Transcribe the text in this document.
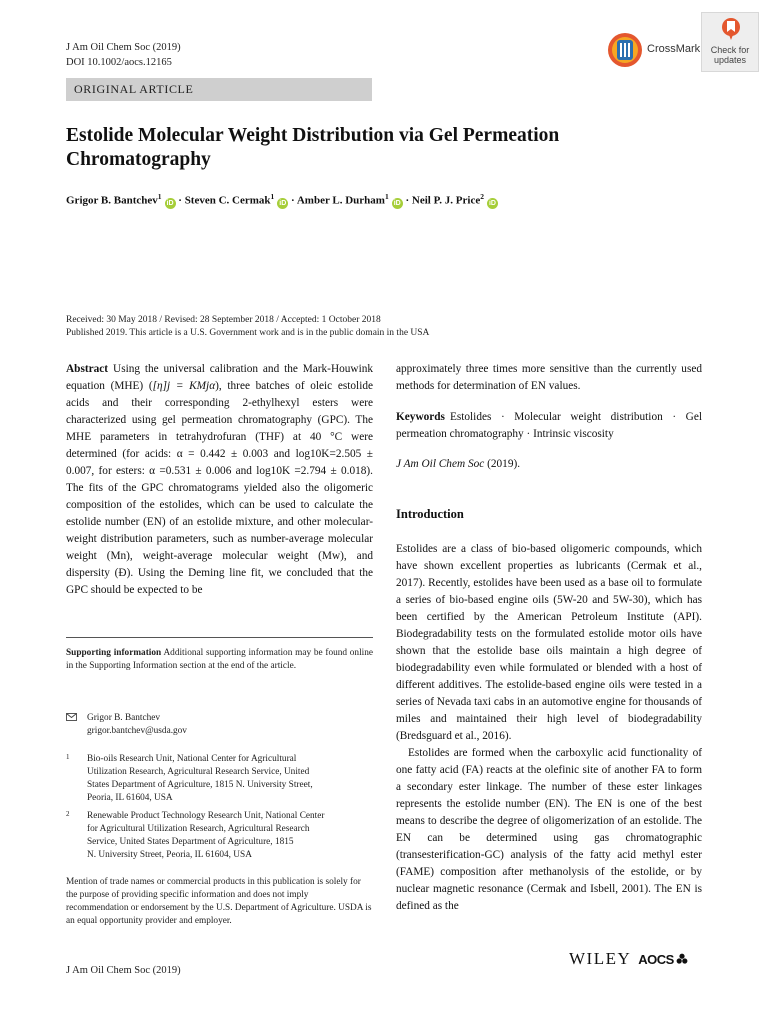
J Am Oil Chem Soc (2019)
DOI 10.1002/aocs.12165
CrossMark	Check for updates
ORIGINAL ARTICLE
Estolide Molecular Weight Distribution via Gel Permeation Chromatography
Grigor B. Bantchev$^1$iD · Steven C. Cermak$^1$iD · Amber L. Durham$^1$iD · Neil P. J. Price$^2$iD
Received: 30 May 2018 / Revised: 28 September 2018 / Accepted: 1 October 2018
Published 2019. This article is a U.S. Government work and is in the public domain in the USA
Abstract Using the universal calibration and the Mark-Houwink equation (MHE) ([η]j = KMjα), three batches of oleic estolide acids and their corresponding 2-ethylhexyl esters were characterized using gel permeation chromatography (GPC). The MHE parameters in tetrahydrofuran (THF) at 40 °C were determined (for acids: α = 0.442 ± 0.003 and log10K=2.505 ± 0.007, for esters: α =0.531 ± 0.006 and log10K =2.794 ± 0.018). The fits of the GPC chromatograms yielded also the oligomeric composition of the estolides, which can be used to calculate the estolide number (EN) of an estolide mixture, and other molecular-weight distribution parameters, such as number-average molecular weight (Mn), weight-average molecular weight (Mw), and dispersity (Đ). Using the Deming line fit, we concluded that the GPC should be expected to be
approximately three times more sensitive than the currently used methods for determination of EN values.
Keywords Estolides · Molecular weight distribution · Gel permeation chromatography · Intrinsic viscosity
J Am Oil Chem Soc (2019).
Introduction

Estolides are a class of bio-based oligomeric compounds, which have shown excellent properties as lubricants (Cermak et al., 2017). Recently, estolides have been used as a base oil to formulate a series of bio-based engine oils (5W-20 and 5W-30), which has been certified by the American Petroleum Institute (API). Biodegradability tests on the formulated estolide motor oils have shown that the estolide base oils maintain a high degree of biodegradability even while formulated or blended with a host of different additives. The estolide-based engine oils were tested in a series of Nevada taxi cabs in an automotive engine for thousands of miles and maintained their high level of biodegradability (Bredsguard et al., 2016).

Estolides are formed when the carboxylic acid functionality of one fatty acid (FA) reacts at the olefinic site of another FA to form a secondary ester linkage. The number of these ester linkages represents the estolide number (EN). The EN is one of the best means to describe the degree of oligomerization of an estolide. The EN can be determined using gas chromatographic (transesterification-GC) analysis of the fatty acid methyl ester (FAME) composition after methanolysis of the estolide, or by nuclear magnetic resonance (Cermak and Isbell, 2001). The EN is defined as the

Supporting information Additional supporting information may be found online in the Supporting Information section at the end of the article.
Grigor B. Bantchev
grigor.bantchev@usda.gov
1 Bio-oils Research Unit, National Center for Agricultural
Utilization Research, Agricultural Research Service, United
States Department of Agriculture, 1815 N. University Street,
Peoria, IL 61604, USA
2 Renewable Product Technology Research Unit, National Center
for Agricultural Utilization Research, Agricultural Research
Service, United States Department of Agriculture, 1815
N. University Street, Peoria, IL 61604, USA
Mention of trade names or commercial products in this publication is solely for the purpose of providing specific information and does not imply recommendation or endorsement by the U.S. Department of Agriculture. USDA is an equal opportunity provider and employer.
J Am Oil Chem Soc (2019)
WILEY AOCS
